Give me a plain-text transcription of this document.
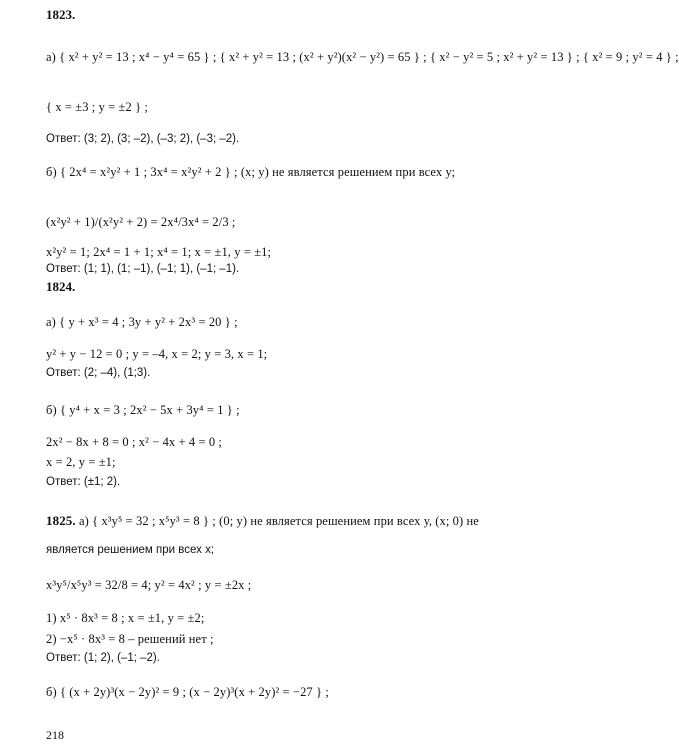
1823.
а) { x² + y² = 13 ; x⁴ − y⁴ = 65 } ; { x² + y² = 13 ; (x² + y²)(x² − y²) = 65 } ; { x² − y² = 5 ; x² + y² = 13 } ; { x² = 9 ; y² = 4 } ;
{ x = ±3 ; y = ±2 } ;
Ответ: (3; 2), (3; –2), (–3; 2), (–3; –2).
б) { 2x⁴ = x²y² + 1 ; 3x⁴ = x²y² + 2 } ; (x; y) не является решением при всех у;
(x²y² + 1)/(x²y² + 2) = 2x⁴/3x⁴ = 2/3 ;
x²y² = 1; 2x⁴ = 1 + 1; x⁴ = 1; x = ±1, y = ±1;
Ответ: (1; 1), (1; –1), (–1; 1), (–1; –1).
1824.
а) { y + x³ = 4 ; 3y + y² + 2x³ = 20 } ;
y² + y − 12 = 0 ; y = –4, x = 2; y = 3, x = 1;
Ответ: (2; –4), (1;3).
б) { y⁴ + x = 3 ; 2x² − 5x + 3y⁴ = 1 } ;
2x² − 8x + 8 = 0 ; x² − 4x + 4 = 0 ;
x = 2, y = ±1;
Ответ: (±1; 2).
1825. а) { x³y⁵ = 32 ; x⁵y³ = 8 } ; (0; y) не является решением при всех у, (x; 0) не
является решением при всех х;
x³y⁵/x⁵y³ = 32/8 = 4; y² = 4x² ; y = ±2x ;
1) x⁵ · 8x³ = 8 ; x = ±1, y = ±2;
2) −x⁵ · 8x³ = 8 – решений нет ;
Ответ: (1; 2), (–1; –2).
б) { (x + 2y)³(x − 2y)² = 9 ; (x − 2y)³(x + 2y)² = −27 } ;
218
